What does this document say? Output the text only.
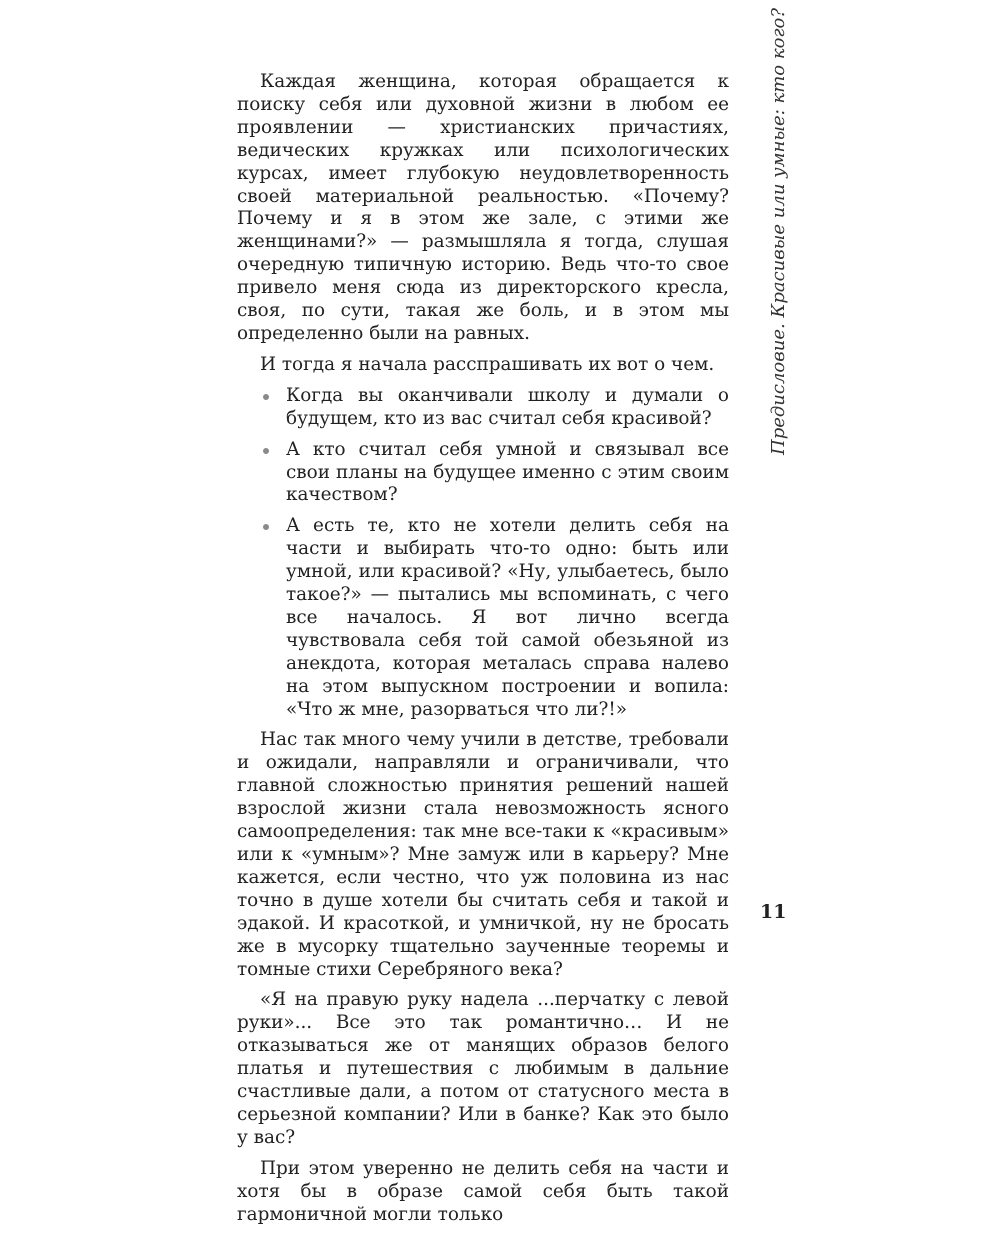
Каждая женщина, которая обращается к поиску себя или духовной жизни в любом ее проявлении — христианских причастиях, ведических кружках или психологических курсах, имеет глубокую неудовлетворенность своей материальной реальностью. «Почему? Почему и я в этом же зале, с этими же женщинами?» — размышляла я тогда, слушая очередную типичную историю. Ведь что-то свое привело меня сюда из директорского кресла, своя, по сути, такая же боль, и в этом мы определенно были на равных.

И тогда я начала расспрашивать их вот о чем.

Когда вы оканчивали школу и думали о будущем, кто из вас считал себя красивой?
А кто считал себя умной и связывал все свои планы на будущее именно с этим своим качеством?
А есть те, кто не хотели делить себя на части и выбирать что-то одно: быть или умной, или красивой? «Ну, улыбаетесь, было такое?» — пытались мы вспоминать, с чего все началось. Я вот лично всегда чувствовала себя той самой обезьяной из анекдота, которая металась справа налево на этом выпускном построении и вопила: «Что ж мне, разорваться что ли?!»

Нас так много чему учили в детстве, требовали и ожидали, направляли и ограничивали, что главной сложностью принятия решений нашей взрослой жизни стала невозможность ясного самоопределения: так мне все-таки к «красивым» или к «умным»? Мне замуж или в карьеру? Мне кажется, если честно, что уж половина из нас точно в душе хотели бы считать себя и такой и эдакой. И красоткой, и умничкой, ну не бросать же в мусорку тщательно заученные теоремы и томные стихи Серебряного века?

«Я на правую руку надела ...перчатку с левой руки»... Все это так романтично… И не отказываться же от манящих образов белого платья и путешествия с любимым в дальние счастливые дали, а потом от статусного места в серьезной компании? Или в банке? Как это было у вас?

При этом уверенно не делить себя на части и хотя бы в образе самой себя быть такой гармоничной могли только

Предисловие. Красивые или умные: кто кого?
11
